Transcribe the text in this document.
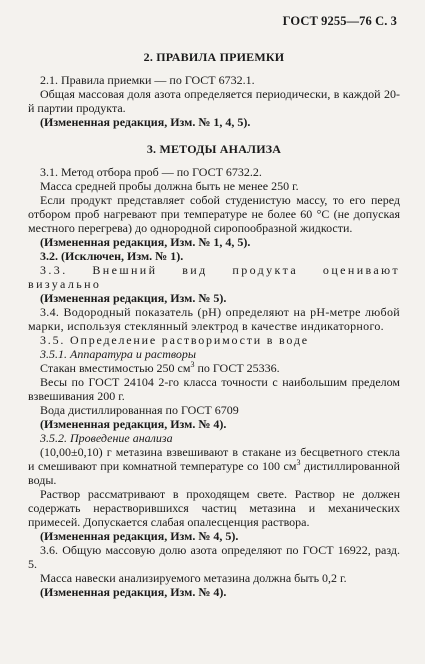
ГОСТ 9255—76 С. 3
2. ПРАВИЛА ПРИЕМКИ

2.1. Правила приемки — по ГОСТ 6732.1.

Общая массовая доля азота определяется периодически, в каждой 20-й партии продукта.

(Измененная редакция, Изм. № 1, 4, 5).

3. МЕТОДЫ АНАЛИЗА

3.1. Метод отбора проб — по ГОСТ 6732.2.

Масса средней пробы должна быть не менее 250 г.

Если продукт представляет собой студенистую массу, то его перед отбором проб нагревают при температуре не более 60 °С (не допуская местного перегрева) до однородной сиропообразной жидкости.

(Измененная редакция, Изм. № 1, 4, 5).

3.2. (Исключен, Изм. № 1).

3.3. Внешний вид продукта оценивают визуально

(Измененная редакция, Изм. № 5).

3.4. Водородный показатель (рН) определяют на рН-метре любой марки, используя стеклянный электрод в качестве индикаторного.

3.5. Определение растворимости в воде

3.5.1. Аппаратура и растворы

Стакан вместимостью 250 $см^3$ по ГОСТ 25336.

Весы по ГОСТ 24104 2-го класса точности с наибольшим пределом взвешивания 200 г.

Вода дистиллированная по ГОСТ 6709

(Измененная редакция, Изм. № 4).

3.5.2. Проведение анализа

(10,00±0,10) г метазина взвешивают в стакане из бесцветного стекла и смешивают при комнатной температуре со 100 $см^3$ дистиллированной воды.

Раствор рассматривают в проходящем свете. Раствор не должен содержать нерастворившихся частиц метазина и механических примесей. Допускается слабая опалесценция раствора.

(Измененная редакция, Изм. № 4, 5).

3.6. Общую массовую долю азота определяют по ГОСТ 16922, разд. 5.

Масса навески анализируемого метазина должна быть 0,2 г.

(Измененная редакция, Изм. № 4).
